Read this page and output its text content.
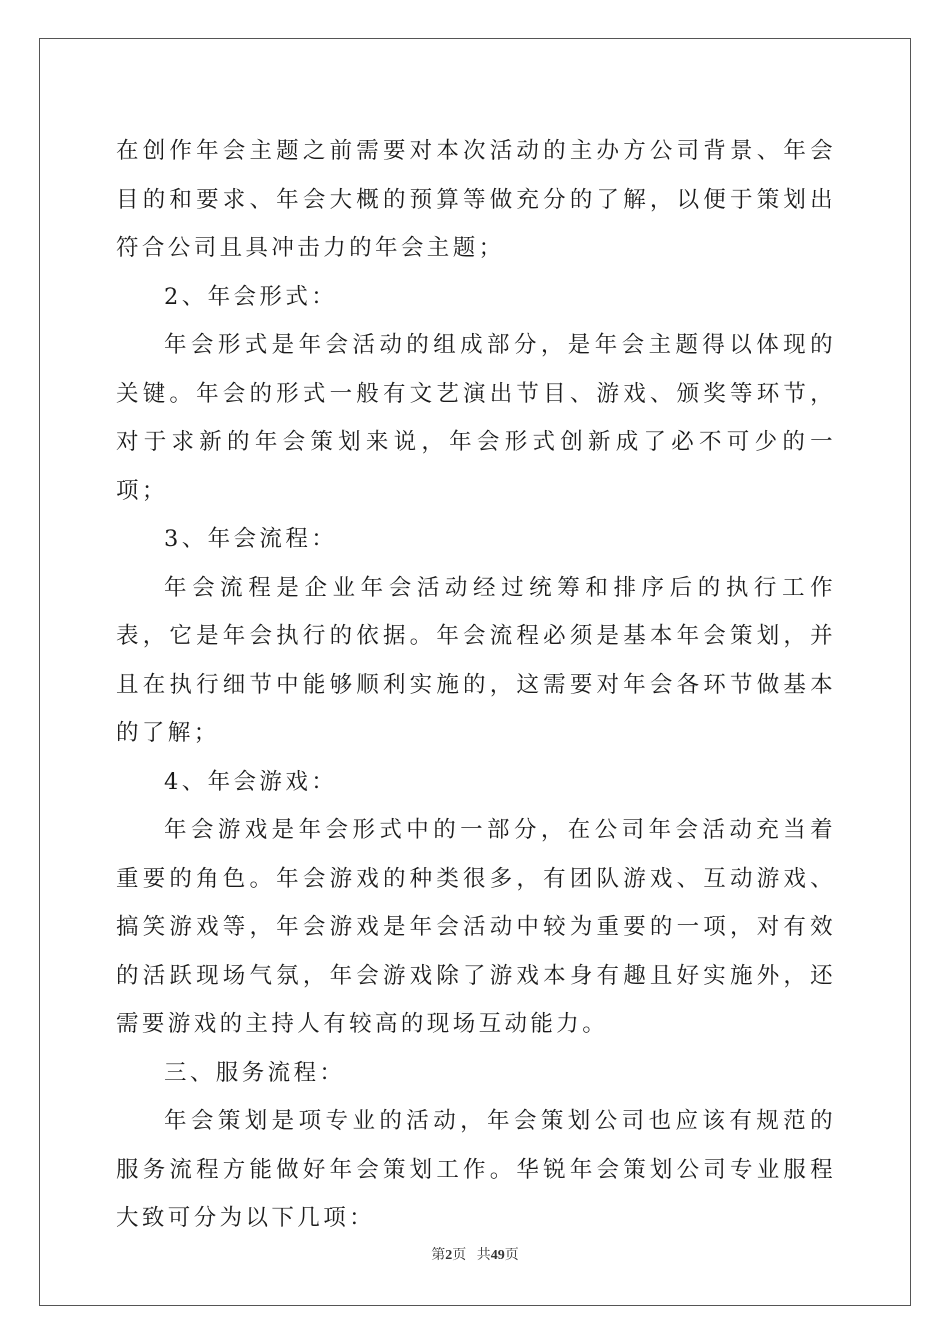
在创作年会主题之前需要对本次活动的主办方公司背景、年会目的和要求、年会大概的预算等做充分的了解，以便于策划出符合公司且具冲击力的年会主题；

2、年会形式：

年会形式是年会活动的组成部分，是年会主题得以体现的关键。年会的形式一般有文艺演出节目、游戏、颁奖等环节，对于求新的年会策划来说，年会形式创新成了必不可少的一项；

3、年会流程：

年会流程是企业年会活动经过统筹和排序后的执行工作表，它是年会执行的依据。年会流程必须是基本年会策划，并且在执行细节中能够顺利实施的，这需要对年会各环节做基本的了解；

4、年会游戏：

年会游戏是年会形式中的一部分，在公司年会活动充当着重要的角色。年会游戏的种类很多，有团队游戏、互动游戏、搞笑游戏等，年会游戏是年会活动中较为重要的一项，对有效的活跃现场气氛，年会游戏除了游戏本身有趣且好实施外，还需要游戏的主持人有较高的现场互动能力。

三、服务流程：

年会策划是项专业的活动，年会策划公司也应该有规范的服务流程方能做好年会策划工作。华锐年会策划公司专业服程大致可分为以下几项：

第2页 共49页
